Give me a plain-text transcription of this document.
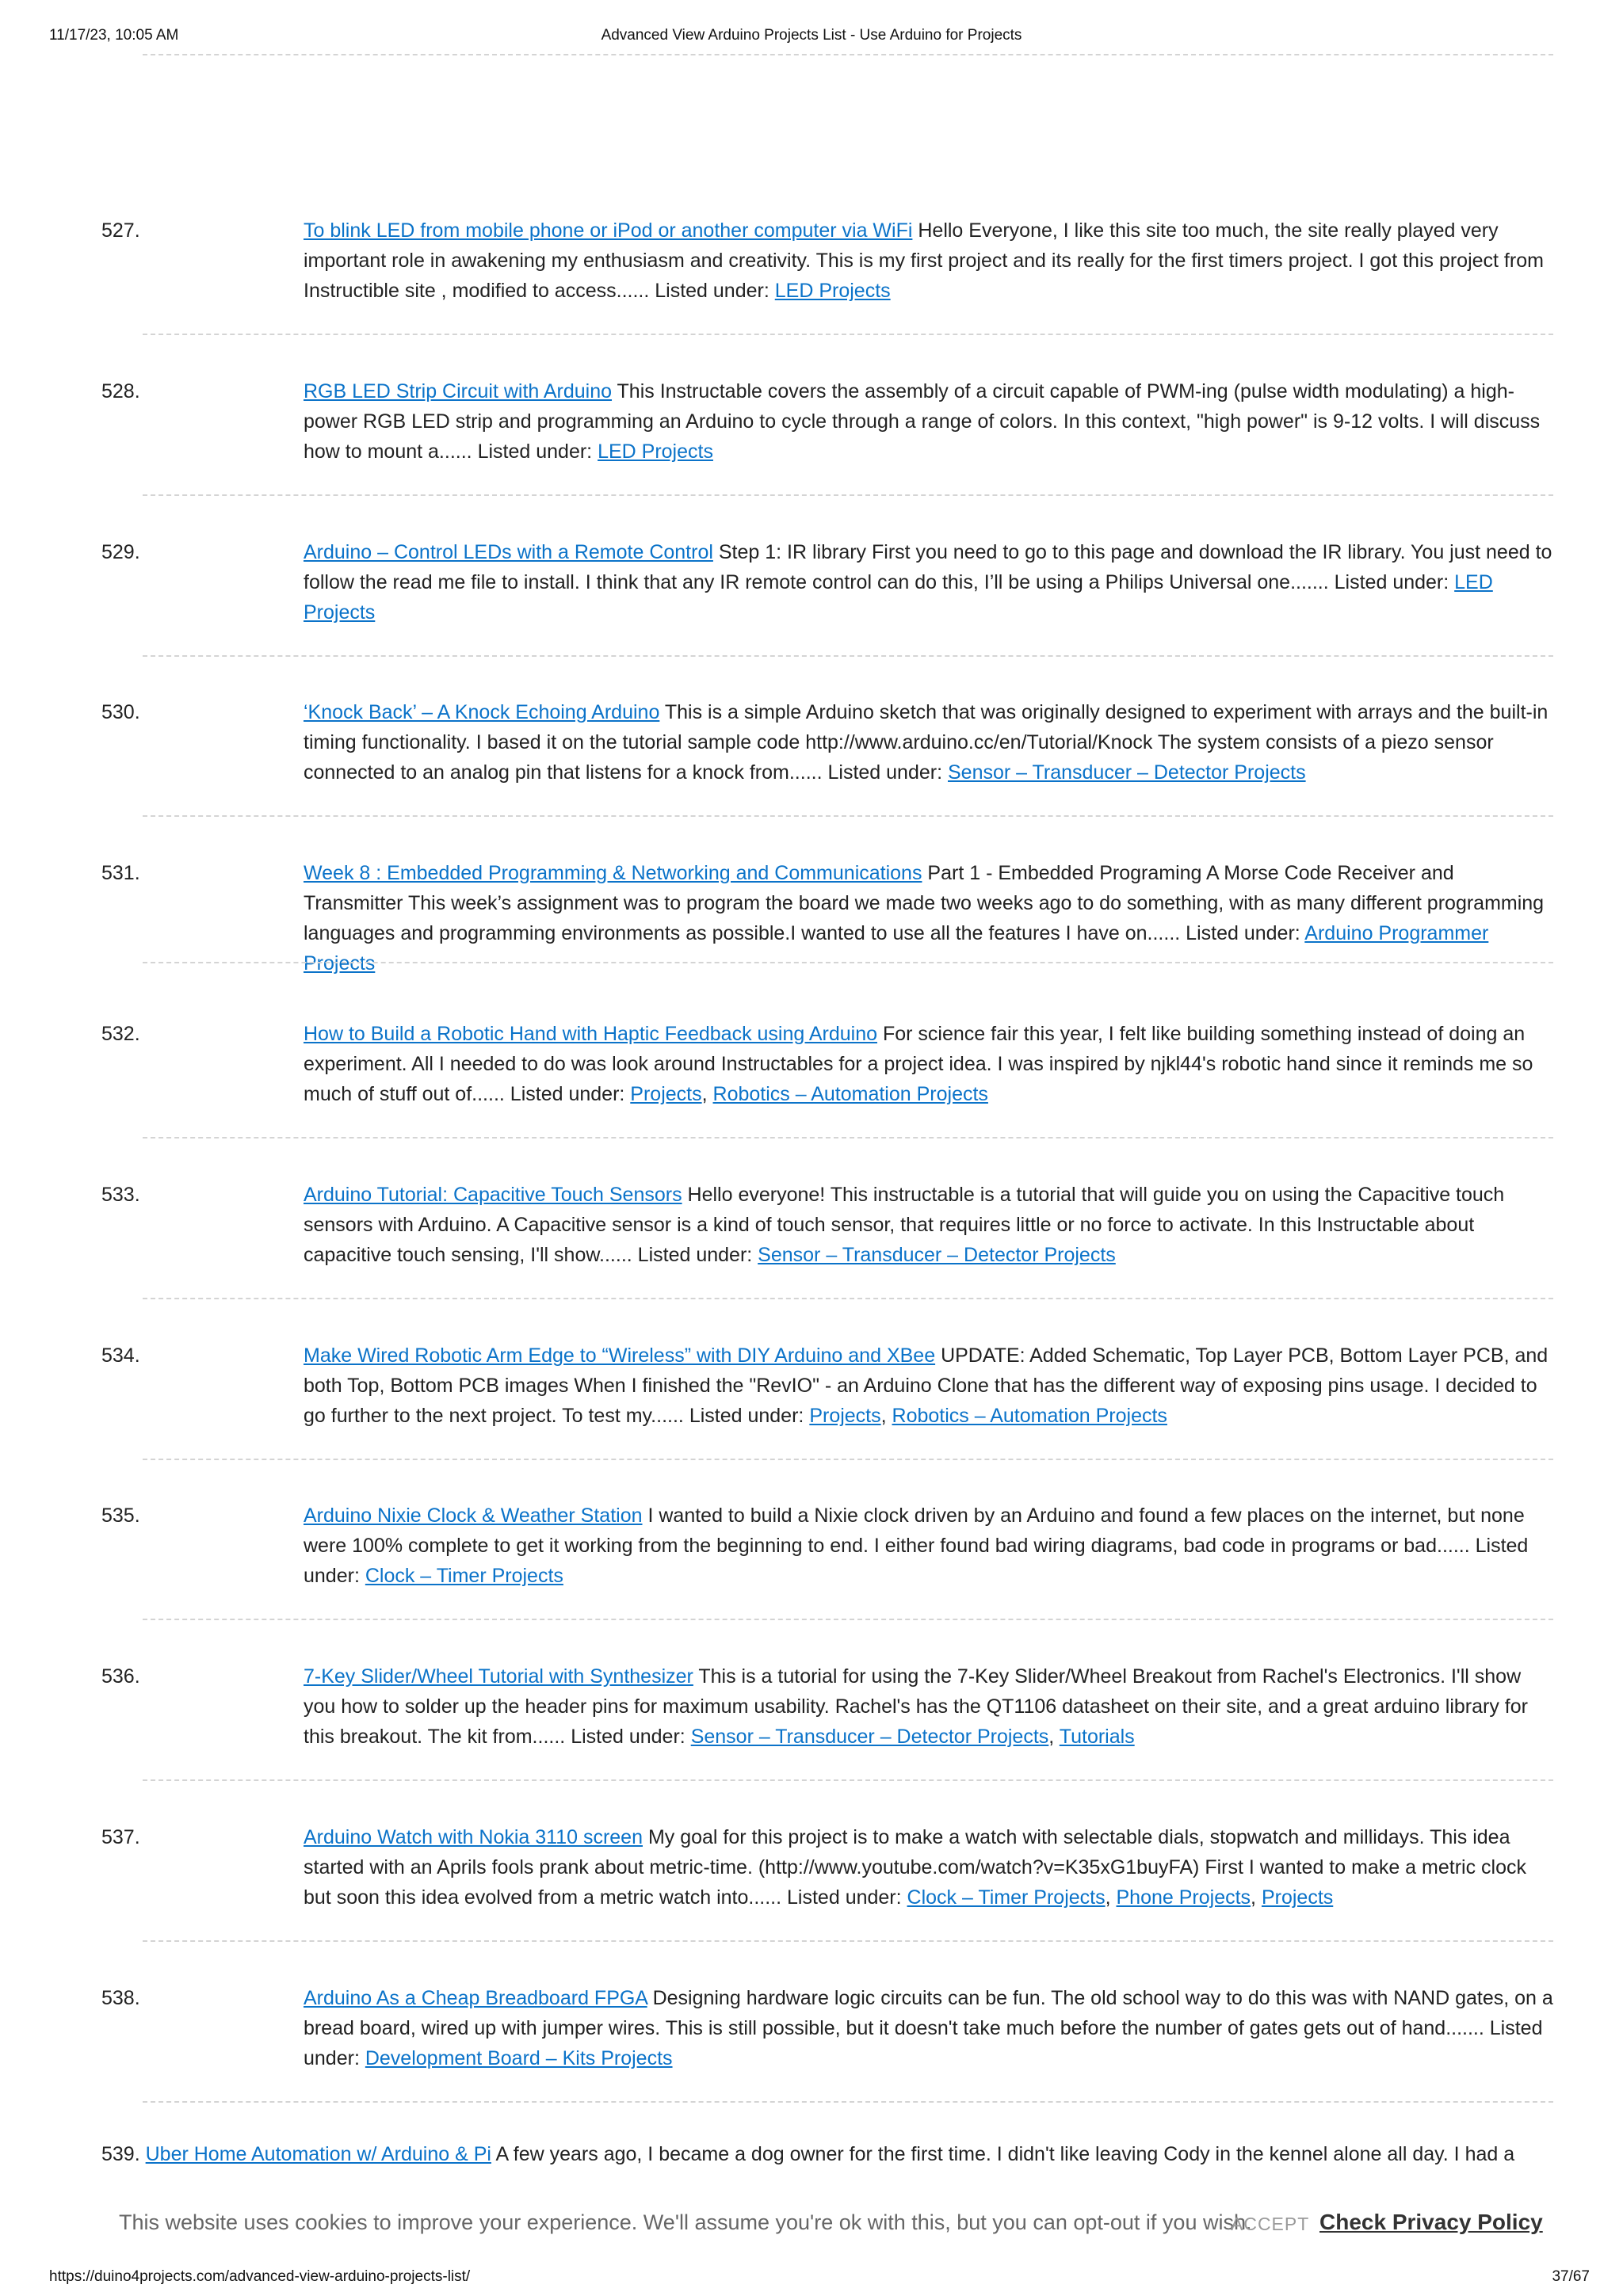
11/17/23, 10:05 AM	Advanced View Arduino Projects List - Use Arduino for Projects
527.	To blink LED from mobile phone or iPod or another computer via WiFi Hello Everyone, I like this site too much, the site really played very important role in awakening my enthusiasm and creativity. This is my first project and its really for the first timers project. I got this project from Instructible site , modified to access...... Listed under: LED Projects
528.	RGB LED Strip Circuit with Arduino This Instructable covers the assembly of a circuit capable of PWM-ing (pulse width modulating) a high-power RGB LED strip and programming an Arduino to cycle through a range of colors. In this context, "high power" is 9-12 volts. I will discuss how to mount a...... Listed under: LED Projects
529.	Arduino – Control LEDs with a Remote Control Step 1: IR library First you need to go to this page and download the IR library. You just need to follow the read me file to install. I think that any IR remote control can do this, I’ll be using a Philips Universal one....... Listed under: LED Projects
530.	‘Knock Back’ – A Knock Echoing Arduino This is a simple Arduino sketch that was originally designed to experiment with arrays and the built-in timing functionality. I based it on the tutorial sample code http://www.arduino.cc/en/Tutorial/Knock The system consists of a piezo sensor connected to an analog pin that listens for a knock from...... Listed under: Sensor – Transducer – Detector Projects
531.	Week 8 : Embedded Programming & Networking and Communications Part 1 - Embedded Programing A Morse Code Receiver and Transmitter This week’s assignment was to program the board we made two weeks ago to do something, with as many different programming languages and programming environments as possible.I wanted to use all the features I have on...... Listed under: Arduino Programmer Projects
532.	How to Build a Robotic Hand with Haptic Feedback using Arduino For science fair this year, I felt like building something instead of doing an experiment. All I needed to do was look around Instructables for a project idea. I was inspired by njkl44's robotic hand since it reminds me so much of stuff out of...... Listed under: Projects, Robotics – Automation Projects
533.	Arduino Tutorial: Capacitive Touch Sensors Hello everyone! This instructable is a tutorial that will guide you on using the Capacitive touch sensors with Arduino. A Capacitive sensor is a kind of touch sensor, that requires little or no force to activate. In this Instructable about capacitive touch sensing, I'll show...... Listed under: Sensor – Transducer – Detector Projects
534.	Make Wired Robotic Arm Edge to “Wireless” with DIY Arduino and XBee UPDATE: Added Schematic, Top Layer PCB, Bottom Layer PCB, and both Top, Bottom PCB images When I finished the "RevIO" - an Arduino Clone that has the different way of exposing pins usage. I decided to go further to the next project. To test my...... Listed under: Projects, Robotics – Automation Projects
535.	Arduino Nixie Clock & Weather Station I wanted to build a Nixie clock driven by an Arduino and found a few places on the internet, but none were 100% complete to get it working from the beginning to end. I either found bad wiring diagrams, bad code in programs or bad...... Listed under: Clock – Timer Projects
536.	7-Key Slider/Wheel Tutorial with Synthesizer This is a tutorial for using the 7-Key Slider/Wheel Breakout from Rachel's Electronics. I'll show you how to solder up the header pins for maximum usability. Rachel's has the QT1106 datasheet on their site, and a great arduino library for this breakout. The kit from...... Listed under: Sensor – Transducer – Detector Projects, Tutorials
537.	Arduino Watch with Nokia 3110 screen My goal for this project is to make a watch with selectable dials, stopwatch and millidays. This idea started with an Aprils fools prank about metric-time. (http://www.youtube.com/watch?v=K35xG1buyFA) First I wanted to make a metric clock but soon this idea evolved from a metric watch into...... Listed under: Clock – Timer Projects, Phone Projects, Projects
538.	Arduino As a Cheap Breadboard FPGA Designing hardware logic circuits can be fun. The old school way to do this was with NAND gates, on a bread board, wired up with jumper wires. This is still possible, but it doesn't take much before the number of gates gets out of hand....... Listed under: Development Board – Kits Projects
539. Uber Home Automation w/ Arduino & Pi A few years ago, I became a dog owner for the first time. I didn't like leaving Cody in the kennel alone all day. I had a
This website uses cookies to improve your experience. We'll assume you're ok with this, but you can opt-out if you wish.
ACCEPT Check Privacy Policy
https://duino4projects.com/advanced-view-arduino-projects-list/	37/67
